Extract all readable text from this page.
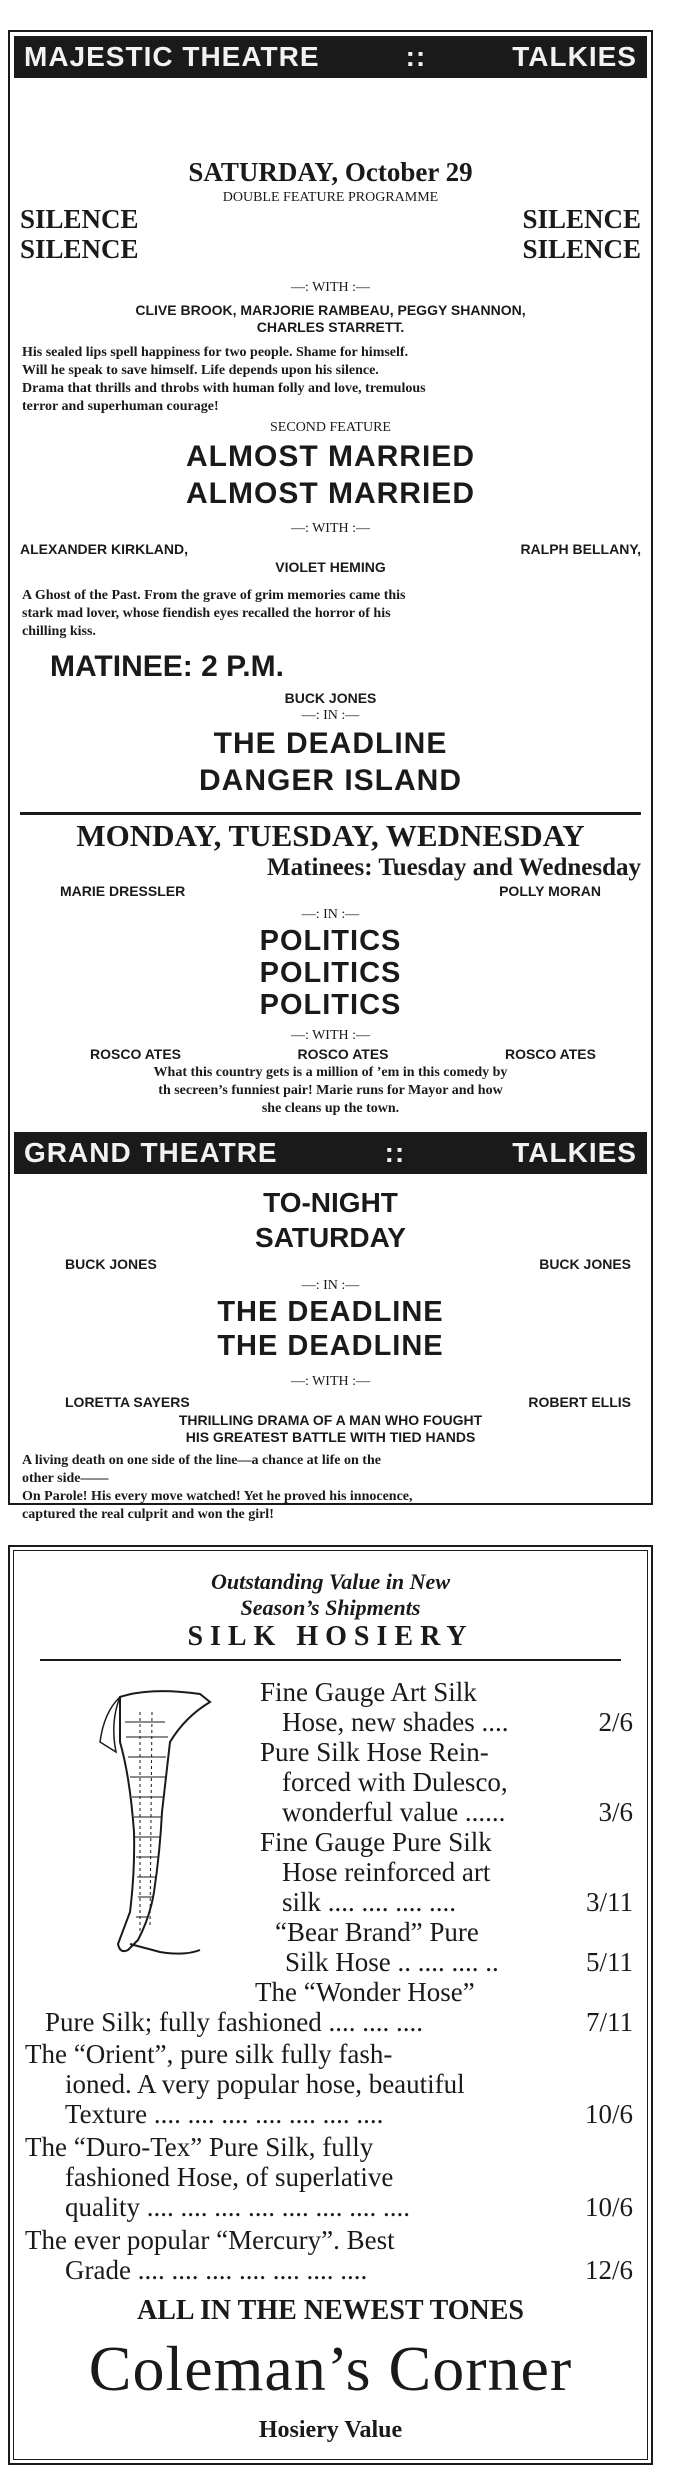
MAJESTIC THEATRE	::	TALKIES
SATURDAY, October 29
DOUBLE FEATURE PROGRAMME
SILENCE	SILENCE
SILENCE	SILENCE
—: WITH :—
CLIVE BROOK, MARJORIE RAMBEAU, PEGGY SHANNON,
CHARLES STARRETT.
His sealed lips spell happiness for two people. Shame for himself.
Will he speak to save himself. Life depends upon his silence.
Drama that thrills and throbs with human folly and love, tremulous
terror and superhuman courage!
SECOND FEATURE
ALMOST MARRIED
ALMOST MARRIED
—: WITH :—
ALEXANDER KIRKLAND,	RALPH BELLANY,
VIOLET HEMING
A Ghost of the Past. From the grave of grim memories came this
stark mad lover, whose fiendish eyes recalled the horror of his
chilling kiss.
MATINEE: 2 P.M.
BUCK JONES
—: IN :—
THE DEADLINE
DANGER ISLAND
MONDAY, TUESDAY, WEDNESDAY
Matinees: Tuesday and Wednesday
MARIE DRESSLER	POLLY MORAN
—: IN :—
POLITICS
POLITICS
POLITICS
—: WITH :—
ROSCO ATES	ROSCO ATES	ROSCO ATES
What this country gets is a million of ’em in this comedy by
th secreen’s funniest pair! Marie runs for Mayor and how
she cleans up the town.
GRAND THEATRE	::	TALKIES
TO-NIGHT
SATURDAY
BUCK JONES	BUCK JONES
—: IN :—
THE DEADLINE
THE DEADLINE
—: WITH :—
LORETTA SAYERS	ROBERT ELLIS
THRILLING DRAMA OF A MAN WHO FOUGHT
HIS GREATEST BATTLE WITH TIED HANDS
A living death on one side of the line—a chance at life on the
other side——
On Parole! His every move watched! Yet he proved his innocence,
captured the real culprit and won the girl!
Outstanding Value in New
Season’s Shipments
SILK HOSIERY
Fine Gauge Art Silk
Hose, new shades ....	2/6
Pure Silk Hose Rein-
forced with Dulesco,
wonderful value ......	3/6
Fine Gauge Pure Silk
Hose reinforced art
silk .... .... .... ....	3/11
“Bear Brand” Pure
Silk Hose .. .... .... ..	5/11
The “Wonder Hose”
Pure Silk; fully fashioned .... .... ....	7/11
The “Orient”, pure silk fully fash-
ioned. A very popular hose, beautiful
Texture .... .... .... .... .... .... ....	10/6
The “Duro-Tex” Pure Silk, fully
fashioned Hose, of superlative
quality .... .... .... .... .... .... .... ....	10/6
The ever popular “Mercury”. Best
Grade .... .... .... .... .... .... ....	12/6
ALL IN THE NEWEST TONES
Coleman’s Corner
Hosiery Value
